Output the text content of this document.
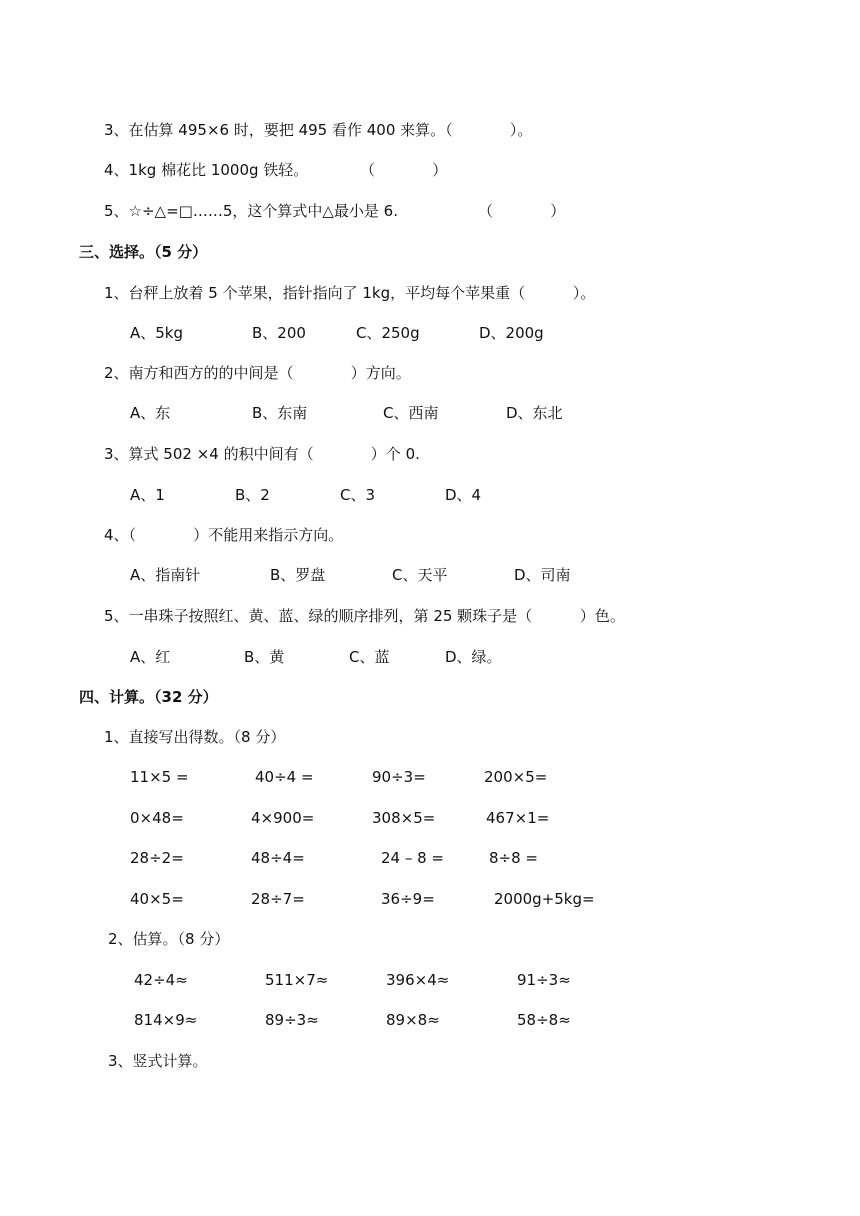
3、在估算 495×6 时，要把 495 看作 400 来算。（            ）。
4、1kg 棉花比 1000g 铁轻。	（            ）
5、☆÷△=□……5，这个算式中△最小是 6.	（            ）
三、选择。（5 分）
1、台秤上放着 5 个苹果，指针指向了 1kg，平均每个苹果重（          ）。
A、5kg	B、200	C、250g	D、200g
2、南方和西方的的中间是（            ）方向。
A、东	B、东南	C、西南	D、东北
3、算式 502 ×4 的积中间有（            ）个 0.
A、1	B、2	C、3	D、4
4、（            ）不能用来指示方向。
A、指南针	B、罗盘	C、天平	D、司南
5、一串珠子按照红、黄、蓝、绿的顺序排列，第 25 颗珠子是（          ）色。
A、红	B、黄	C、蓝	D、绿。
四、计算。（32 分）
1、直接写出得数。（8 分）
11×5 =	40÷4 =	90÷3=	200×5=
0×48=	4×900=	308×5=	467×1=
28÷2=	48÷4=	24 – 8 =	8÷8 =
40×5=	28÷7=	36÷9=	2000g+5kg=
2、估算。（8 分）
42÷4≈	511×7≈	396×4≈	91÷3≈
814×9≈	89÷3≈	89×8≈	58÷8≈
3、竖式计算。
